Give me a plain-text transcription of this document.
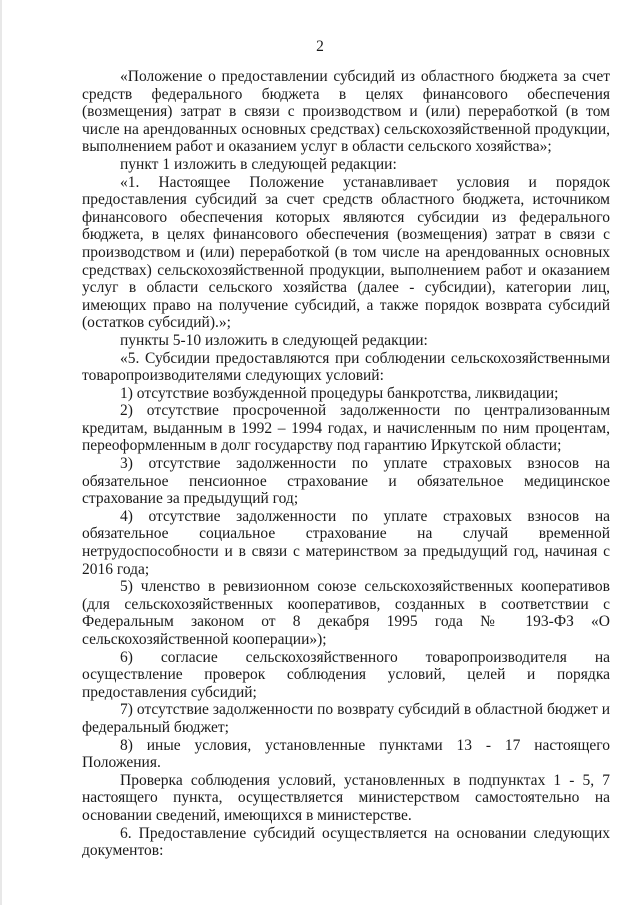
2

«Положение о предоставлении субсидий из областного бюджета за счет средств федерального бюджета в целях финансового обеспечения (возмещения) затрат в связи с производством и (или) переработкой (в том числе на арендованных основных средствах) сельскохозяйственной продукции, выполнением работ и оказанием услуг в области сельского хозяйства»;

пункт 1 изложить в следующей редакции:

«1. Настоящее Положение устанавливает условия и порядок предоставления субсидий за счет средств областного бюджета, источником финансового обеспечения которых являются субсидии из федерального бюджета, в целях финансового обеспечения (возмещения) затрат в связи с производством и (или) переработкой (в том числе на арендованных основных средствах) сельскохозяйственной продукции, выполнением работ и оказанием услуг в области сельского хозяйства (далее - субсидии), категории лиц, имеющих право на получение субсидий, а также порядок возврата субсидий (остатков субсидий).»;

пункты 5-10 изложить в следующей редакции:

«5. Субсидии предоставляются при соблюдении сельскохозяйственными товаропроизводителями следующих условий:

1) отсутствие возбужденной процедуры банкротства, ликвидации;

2) отсутствие просроченной задолженности по централизованным кредитам, выданным в 1992 – 1994 годах, и начисленным по ним процентам, переоформленным в долг государству под гарантию Иркутской области;

3) отсутствие задолженности по уплате страховых взносов на обязательное пенсионное страхование и обязательное медицинское страхование за предыдущий год;

4) отсутствие задолженности по уплате страховых взносов на обязательное социальное страхование на случай временной нетрудоспособности и в связи с материнством за предыдущий год, начиная с 2016 года;

5) членство в ревизионном союзе сельскохозяйственных кооперативов (для сельскохозяйственных кооперативов, созданных в соответствии с Федеральным законом от 8 декабря 1995 года № 193-ФЗ «О сельскохозяйственной кооперации»);

6) согласие сельскохозяйственного товаропроизводителя на осуществление проверок соблюдения условий, целей и порядка предоставления субсидий;

7) отсутствие задолженности по возврату субсидий в областной бюджет и федеральный бюджет;

8) иные условия, установленные пунктами 13 - 17 настоящего Положения.

Проверка соблюдения условий, установленных в подпунктах 1 - 5, 7 настоящего пункта, осуществляется министерством самостоятельно на основании сведений, имеющихся в министерстве.

6. Предоставление субсидий осуществляется на основании следующих документов:
